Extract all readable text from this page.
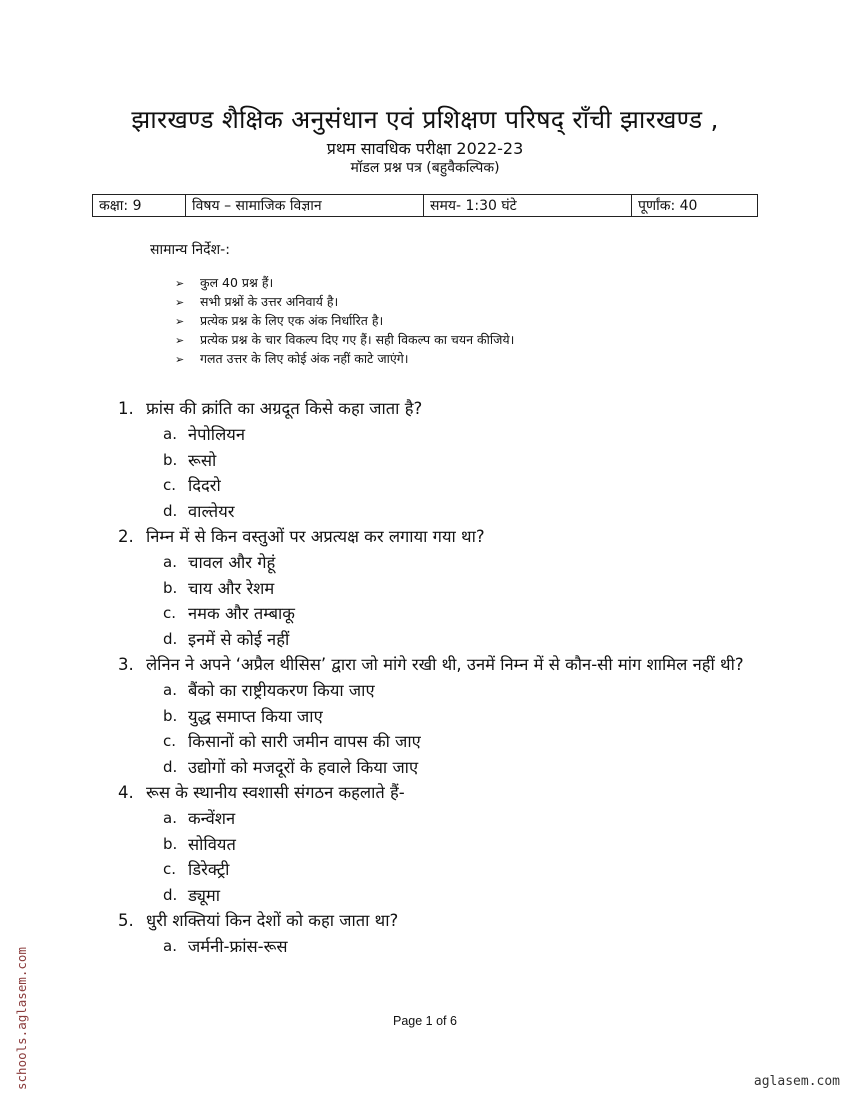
झारखण्ड शैक्षिक अनुसंधान एवं प्रशिक्षण परिषद् राँची झारखण्ड ,
प्रथम सावधिक परीक्षा 2022-23
मॉडल प्रश्न पत्र (बहुवैकल्पिक)
कक्षा: 9	विषय – सामाजिक विज्ञान	समय- 1:30 घंटे	पूर्णांक: 40
सामान्य निर्देश-:
➢ कुल 40 प्रश्न हैं।
➢ सभी प्रश्नों के उत्तर अनिवार्य है।
➢ प्रत्येक प्रश्न के लिए एक अंक निर्धारित है।
➢ प्रत्येक प्रश्न के चार विकल्प दिए गए हैं। सही विकल्प का चयन कीजिये।
➢ गलत उत्तर के लिए कोई अंक नहीं काटे जाएंगे।
1. फ्रांस की क्रांति का अग्रदूत किसे कहा जाता है?
a. नेपोलियन
b. रूसो
c. दिदरो
d. वाल्तेयर
2. निम्न में से किन वस्तुओं पर अप्रत्यक्ष कर लगाया गया था?
a. चावल और गेहूं
b. चाय और रेशम
c. नमक और तम्बाकू
d. इनमें से कोई नहीं
3. लेनिन ने अपने ‘अप्रैल थीसिस’ द्वारा जो मांगे रखी थी, उनमें निम्न में से कौन-सी मांग शामिल नहीं थी?
a. बैंको का राष्ट्रीयकरण किया जाए
b. युद्ध समाप्त किया जाए
c. किसानों को सारी जमीन वापस की जाए
d. उद्योगों को मजदूरों के हवाले किया जाए
4. रूस के स्थानीय स्वशासी संगठन कहलाते हैं-
a. कन्वेंशन
b. सोवियत
c. डिरेक्ट्री
d. ड्यूमा
5. धुरी शक्तियां किन देशों को कहा जाता था?
a. जर्मनी-फ्रांस-रूस
Page 1 of 6
schools.aglasem.com	aglasem.com
